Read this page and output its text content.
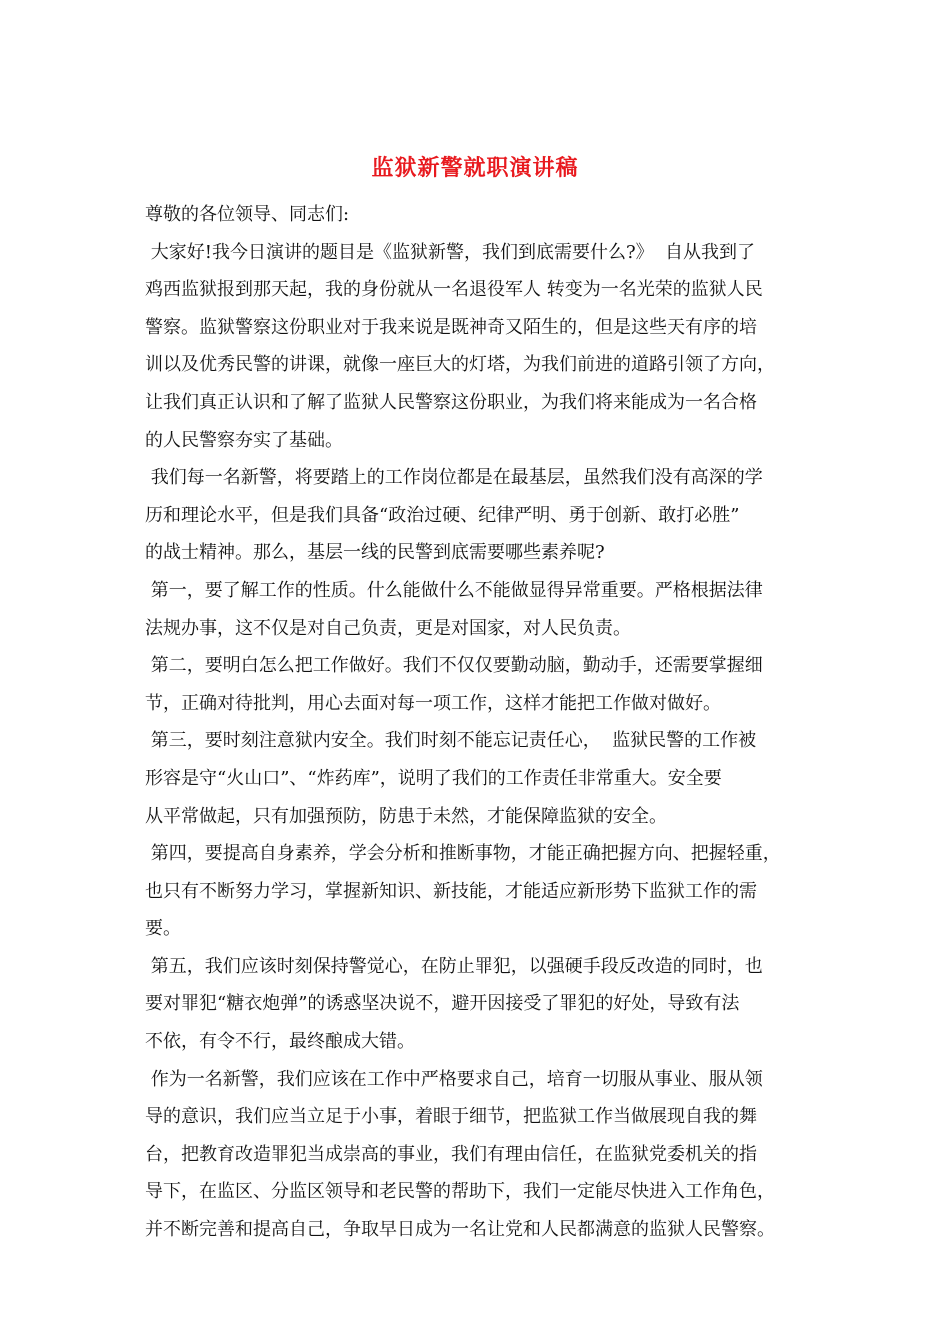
监狱新警就职演讲稿
尊敬的各位领导、同志们:
大家好!我今日演讲的题目是《监狱新警，我们到底需要什么?》  自从我到了
鸡西监狱报到那天起，我的身份就从一名退役军人 转变为一名光荣的监狱人民
警察。监狱警察这份职业对于我来说是既神奇又陌生的，但是这些天有序的培
训以及优秀民警的讲课，就像一座巨大的灯塔，为我们前进的道路引领了方向，
让我们真正认识和了解了监狱人民警察这份职业，为我们将来能成为一名合格
的人民警察夯实了基础。
我们每一名新警，将要踏上的工作岗位都是在最基层，虽然我们没有高深的学
历和理论水平，但是我们具备“政治过硬、纪律严明、勇于创新、敢打必胜”
的战士精神。那么，基层一线的民警到底需要哪些素养呢?
第一，要了解工作的性质。什么能做什么不能做显得异常重要。严格根据法律
法规办事，这不仅是对自己负责，更是对国家，对人民负责。
第二，要明白怎么把工作做好。我们不仅仅要勤动脑，勤动手，还需要掌握细
节，正确对待批判，用心去面对每一项工作，这样才能把工作做对做好。
第三，要时刻注意狱内安全。我们时刻不能忘记责任心，  监狱民警的工作被
形容是守“火山口”、“炸药库”，说明了我们的工作责任非常重大。安全要
从平常做起，只有加强预防，防患于未然，才能保障监狱的安全。
第四，要提高自身素养，学会分析和推断事物，才能正确把握方向、把握轻重，
也只有不断努力学习，掌握新知识、新技能，才能适应新形势下监狱工作的需
要。
第五，我们应该时刻保持警觉心，在防止罪犯，以强硬手段反改造的同时，也
要对罪犯“糖衣炮弹”的诱惑坚决说不，避开因接受了罪犯的好处，导致有法
不依，有令不行，最终酿成大错。
作为一名新警，我们应该在工作中严格要求自己，培育一切服从事业、服从领
导的意识，我们应当立足于小事，着眼于细节，把监狱工作当做展现自我的舞
台，把教育改造罪犯当成崇高的事业，我们有理由信任，在监狱党委机关的指
导下，在监区、分监区领导和老民警的帮助下，我们一定能尽快进入工作角色，
并不断完善和提高自己，争取早日成为一名让党和人民都满意的监狱人民警察。
